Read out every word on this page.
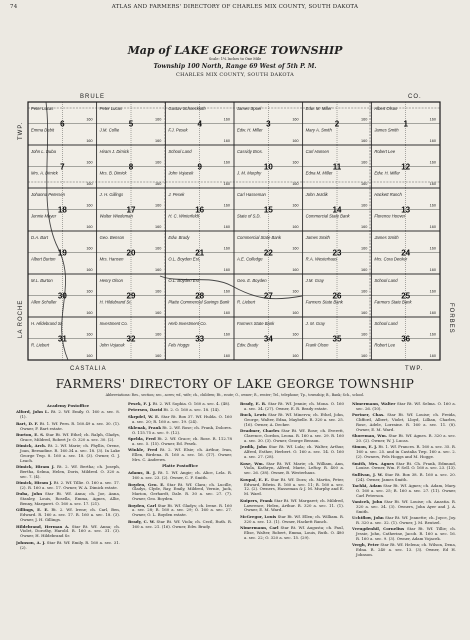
74	ATLAS AND FARMERS' DIRECTORY OF CHARLES MIX COUNTY, SOUTH DAKOTA
Map of LAKE GEORGE TOWNSHIP
Scale: 1¼ Inches to One Mile
Township 100 North, Range 69 West of 5th P. M.
CHARLES MIX COUNTY, SOUTH DAKOTA
BRULE	CO.
CASTALIA	TWP.
TWP.
LA ROCHE	FORBES
6
Peter Lucas
160
Emma Debit
160
5
Peter Lucas
160
J.M. Collie
160
4
Gustav Schneckloth
160
F.J. Pesek
160
3
James Spoel
160
Edw. H. Miller
160
2
Edw. M. Miller
160
Mary A. Smith
160
1
Albert Olson
160
James Smith
160
7
John L. Duba
160
Mrs. A. Dimick
160
8
Hiram J. Dimick
160
Mrs. B. Dimick
160
9
School Land
160
John Vojacek
160
10
Cassidy Bros.
160
J. M. Murphy
160
11
Carl Hansen
160
Edna M. Miller
160
12
Robert Lee
160
Edw. H. Miller
160
18
Johanna Petersen
160
Jennie Mayer
160
17
J. H. Gillings
160
Walter Wiedeman
160
16
J. Pesek
160
H. C. Winterfeldt
160
15
Carl Hasseman
160
State of S.D.
160
14
John Jezdik
160
Commercial State Bank
160
13
Hackett Ranch
160
Florence Hoover
160
19
D.A. Bart
160
Albert Burton
160
20
Geo. Benson
160
Mrs. Hansen
160
21
Edw. Brady
160
O.L. Boyden Est.
160
22
Commercial State Bank
160
A.E. Colledge
160
23
James Smith
160
R.A. Westerhaus
160
24
James Smith
160
Mrs. Cora Decker
160
30
M.L. Burton
160
Allen Schuller
160
29
Henry Olson
160
H. Hildebrand Sr.
160
28
O.L. Boyden Est.
160
Platte Commercial Savings Bank
160
27
Geo. E. Boyden
160
R. Liebert
160
26
J.M. Gray
160
Farmers State Bank
160
25
School Land
160
Farmers State Bank
160
31
H. Hildebrand Sr.
160
R. Liebert
160
32
Investment Co.
160
John Vojacek
160
33
Herb Investment Co.
160
Fels Hoggs
160
34
Farmers State Bank
160
Edw. Brady
160
35
J. M. Gray
160
Frank Olson
160
36
School Land
160
Robert Lee
160
FARMERS' DIRECTORY OF LAKE GEORGE TOWNSHIP
Abbreviations: Res., section; sec., acres; wf., wife; ch., children; Rt., route; O., owner; R., renter; Tel., telephone; Tp., township; B., Bank; Sch., school.
Academy Postoffice
Alford, John L. Rt. 2. Wf. Emily. O. 160 a. sec. 8. (1).
Bart, D. F. Rt. 1. Wf. Pern. R. 160.49 a. sec. 30. (1). Owner, F. Bart estate.
Burton, E. S. Star Rt. Wf. Ethel; ch. Ralph, Gladys, Grace, Mildred, Robert Jr. O. 320 a. sec. 30. (2).
Dimick, Arch. Rt. 2. Wf. Marie; ch. Phyllis, Orene, Joan, Bernadine. R. 160.34 a. sec. 18. (3). In Lake George Twp. 8. 160 a. sec. 18. (3). Owner, G. J. Leach.
Dimick, Hiram J. Rt. 2. Wf. Bertha; ch. Joseph, Bertha, Selma, Helen, Doris, Mildred. O. 320 a. sec. 7. (4).
Dimick, Hiram J. Rt. 2. Wf. Tillie. O. 160 a. sec. 17. (2). R. 160 a. sec. 17. Owner, W. A. Dimick estate.
Duba, John Star Rt. Wf. Anna; ch. Joe, Anna, Stanley, Louis, Rosella, Emma, Agnes, Allie, Benny, Margaret. O. 160 a. sec. 17. (21).
Gillings, E. E. Rt. 2. Wf. Irene; ch. Carl, Ben, Edward. R. 160 a. sec. 17. R. 160 a. sec. 18. (3). Owner, J. H. Gillings.
Hildebrand, Herman A. Star Rt. Wf. Anna; ch. Violet, Dorothy, Harold. R. 160 a. sec. 31. (3). Owner, H. Hildebrand Sr.
Johnson, A. J. Star Rt. Wf. Emily. R. 160 a. sec. 31. (2).
Pesek, F. J. Rt. 2. Wf. Sophia. O. 160 a. sec. 4. (48).
Petersen, David Rt. 2. O. 160 a. sec. 18. (14).
Skrpdel, W. E. Star Rt. Box 37. Wf. Hulda. O. 160 a. sec. 20; R. 160 a. sec. 19. (24).
Sklenak, Frank Rt. 2. Wf. Rose; ch. Frank, Dolores. O. 115.75 a. sec. 9. (12).
Spelda, Fred Rt. 2. Wf. Grace; ch. Rose. R. 112.78 a. sec. 5. (15). Owner, Ed. Pesek.
Winkle, Fred Rt. 2. Wf. Elsie; ch. Arthur, Ivan, Ellen, Birdena. R. 160 a. sec. 16. (17). Owner, Mrs. C. Andrews.
Platte Postoffice
Adams, B. J. Rt. 1. Wf. Angie; ch. Alice, Lela. R. 160 a. sec. 23. (2). Owner, C. F. Smith.
Boyden, Geo. E. Star Rt. Wf. Clara; ch. Lucille, Gladys, Clyde, Ray, Emily, Mildred, Vernie, Jack, Marion, Gerhardt, Dale. R. 30 a. sec. 27. (7). Owner, Geo. Boyden.
Boyden, Carl Star Rt. Wf. Gladys; ch. Irene. R. 160 a. sec. 28; R. 160 a. sec. 29; O. 160 a. sec. 27. Owner, O. L. Boyden estate.
Brady, C. W. Star Rt. Wf. Viola; ch. Cecil, Ruth. R. 160 a. sec. 21. (16). Owner, Edw. Brady.
Brady, E. R. Star Rt. Wf. Jennie; ch. Mona. O. 160 a. sec. 34. (27). Owner, E. R. Brady estate.
Buck, Lewis Star Rt. Wf. Minerva; ch. Ethel, John, George, Walter, Edna, Maybelle. R. 320 a. sec. 25. (16). Owner, A. Decker.
Deadmer, Charles Star Rt. Wf. Rose; ch. Everett, Clarence, Gordon, Leona. R. 160 a. sec. 29. R. 160 a. sec. 30. (3). Owner, George Benson.
Jezdik, John Star Rt. Wf. Lula; ch. Walter, Arthur, Alfred, Esther, Herbert. O. 160 a. sec. 14. O. 160 a. sec. 27. (28).
Kose, Wm. Star Rt. Wf. Marie; ch. William, Ann, Viola, Kathryn, Alfred, Marie, LeRoy. R. 400 a. sec. 26. (38). Owner, B. Westerhaus.
Koupal, E. E. Star Rt. Wf. Dora; ch. Martin, Peter, Edward, Edwin. R. 160 a. sec. 11; R. 160 a. sec. 12. (2). Owners, Hasseman & J. M. Murphy and E. M. Ward.
Kuipers, Frank Star Rt. Wf. Margaret; ch. Mildred, Lawrence, Helen, Arthur. R. 320 a. sec. 11. (1). Owner, E. M. Ward.
McGregor, Louis Star Rt. Wf. Ellen; ch. William. R. 320 a. sec. 13. (1). Owner, Hackett Ranch.
Nimermann, Carl Star Rt. Wf. Augusta; ch. Paul, Elise, Walter, Robert, Emma, Louis, Ruth. O. 480 a. sec. 22; O. 320 a. sec. 15. (29).
Nimermann, Walter Star Rt. Wf. Selma. O. 160 a. sec. 26. (10).
Portner, Chas. Star Rt. Wf. Louise; ch. Freida, Clifford, Albert, Violet, Lloyd, Lillian, Charles, Rose, Adele, Lorraine. R. 160 a. sec. 11. (8). Owner, E. M. Ward.
Shoreman, Wm. Star Rt. Wf. Agnes. R. 320 a. sec. 20. (2). Owner, W. J. Lucas.
Simon, E. J. Rt. 1. Wf. Frances. R. 160 a. sec. 35. R. 160 a. sec. 25. and in Castalia Twp. 160 a. sec. 2. (2). Owners, Fels Hoggs and M. Hogge.
Smith, Mrs. Agnes Star Rt. Ch. Frank, Edmund, Louise. Owner, Wm. F. Sell. O. 160 a. sec. 23. (13).
Sullivan, J. W. Star Rt. Box 38. R. 160 a. sec. 20. (24). Owner, James Smith.
Tachki, Adam Star Rt. Wf. Agnes; ch. Adam, Mary. O. 160 a. sec. 25; R. 160 a. sec. 27. (11). Owner, Carl Peterson.
Vanicek, John Star Rt. Wf. Louise; ch. Anastia. R. 320 a. sec. 34. (3). Owners, John Ayer and J. A. Smith.
Uchtflow, John Star Rt. Wf. Jeanette; ch. Joyce, Joy. R. 320 a. sec. 32. (1). Owner, J. M. Reutzel.
Vreugdenhil, Cornelius Star Rt. Wf. Tillie; ch. Jessie, John, Catherine, Jacob. R. 160 a. sec. 16. R. 160 a. sec. 9. (3). Owner, Adam Vojacek.
Vergh, Peter Star Rt. Wf. Helena; ch. Wilson, Dena, Edna. R. 240 a. sec. 13. (3). Owner, Ed H. Johnson.
